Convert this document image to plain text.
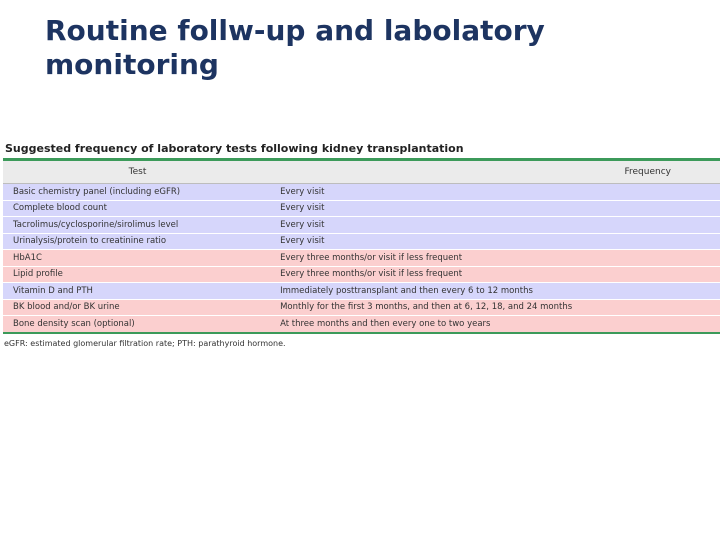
Routine follw-up and labolatory monitoring
Suggested frequency of laboratory tests following kidney transplantation
Test	Frequency
Basic chemistry panel (including eGFR)	Every visit
Complete blood count	Every visit
Tacrolimus/cyclosporine/sirolimus level	Every visit
Urinalysis/protein to creatinine ratio	Every visit
HbA1C	Every three months/or visit if less frequent
Lipid profile	Every three months/or visit if less frequent
Vitamin D and PTH	Immediately posttransplant and then every 6 to 12 months
BK blood and/or BK urine	Monthly for the first 3 months, and then at 6, 12, 18, and 24 months
Bone density scan (optional)	At three months and then every one to two years
eGFR: estimated glomerular filtration rate; PTH: parathyroid hormone.
